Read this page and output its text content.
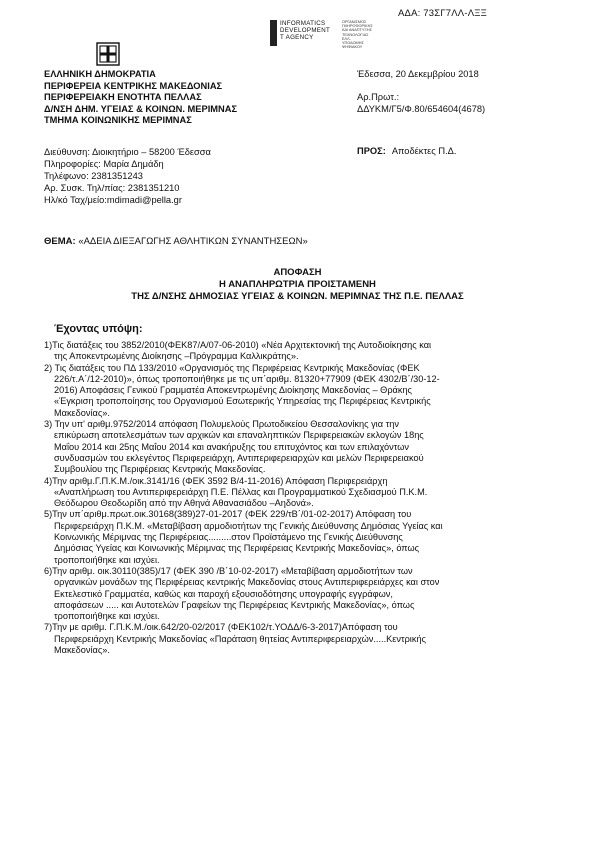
ΑΔΑ: 73ΣΓ7ΛΛ-ΛΞΞ
INFORMATICS
DEVELOPMENT
T AGENCY
ΟΡΓΑΝΙΣΜΟΣ
ΠΛΗΡΟΦΟΡΙΚΗΣ
ΚΑΙ ΑΝΑΠΤΥΞΗΣ
ΤΕΧΝΟΛΟΓΙΑΣ
ΕΛΛ.
ΥΠΟΔΟΜΗΣ
ΨΗΦΙΑΚΟΥ
ΕΛΛΗΝΙΚΗ ΔΗΜΟΚΡΑΤΙΑ
ΠΕΡΙΦΕΡΕΙΑ ΚΕΝΤΡΙΚΗΣ ΜΑΚΕΔΟΝΙΑΣ
ΠΕΡΙΦΕΡΕΙΑΚΗ ΕΝΟΤΗΤΑ ΠΕΛΛΑΣ
Δ/ΝΣΗ ΔΗΜ. ΥΓΕΙΑΣ & ΚΟΙΝΩΝ. ΜΕΡΙΜΝΑΣ
ΤΜΗΜΑ ΚΟΙΝΩΝΙΚΗΣ ΜΕΡΙΜΝΑΣ
Έδεσσα, 20 Δεκεμβρίου 2018
Αρ.Πρωτ.:
ΔΔΥΚΜ/Γ5/Φ.80/654604(4678)
Διεύθυνση: Διοικητήριο – 58200 Έδεσσα
Πληροφορίες: Μαρία Δημάδη
Τηλέφωνο: 2381351243
Αρ. Συσκ. Τηλ/πίας: 2381351210
Ηλ/κό Ταχ/μείο:mdimadi@pella.gr
ΠΡΟΣ: Αποδέκτες Π.Δ.
ΘΕΜΑ: «ΑΔΕΙΑ ΔΙΕΞΑΓΩΓΗΣ ΑΘΛΗΤΙΚΩΝ ΣΥΝΑΝΤΗΣΕΩΝ»
ΑΠΟΦΑΣΗ
Η ΑΝΑΠΛΗΡΩΤΡΙΑ ΠΡΟΙΣΤΑΜΕΝΗ
ΤΗΣ Δ/ΝΣΗΣ ΔΗΜΟΣΙΑΣ ΥΓΕΙΑΣ & ΚΟΙΝΩΝ. ΜΕΡΙΜΝΑΣ ΤΗΣ Π.Ε. ΠΕΛΛΑΣ
Έχοντας υπόψη:
1)Τις διατάξεις του 3852/2010(ΦΕΚ87/Α/07-06-2010) «Νέα Αρχιτεκτονική της Αυτοδιοίκησης και
της Αποκεντρωμένης Διοίκησης –Πρόγραμμα Καλλικράτης».
2) Τις διατάξεις του ΠΔ 133/2010 «Οργανισμός της Περιφέρειας Κεντρικής Μακεδονίας (ΦΕΚ
226/τ.Α΄/12-2010)», όπως τροποποιήθηκε με τις υπ΄αριθμ. 81320+77909 (ΦΕΚ 4302/Β΄/30-12-
2016) Αποφάσεις Γενικού Γραμματέα Αποκεντρωμένης Διοίκησης Μακεδονίας – Θράκης
«Έγκριση τροποποίησης του Οργανισμού Εσωτερικής Υπηρεσίας της Περιφέρειας Κεντρικής
Μακεδονίας».
3) Την υπ' αριθμ.9752/2014 απόφαση Πολυμελούς Πρωτοδικείου Θεσσαλονίκης για την
επικύρωση αποτελεσμάτων των αρχικών και επαναληπτικών Περιφερειακών εκλογών 18ης
Μαΐου 2014 και 25ης Μαΐου 2014 και ανακήρυξης του επιτυχόντος και των επιλαχόντων
συνδυασμών του εκλεγέντος Περιφερειάρχη, Αντιπεριφερειαρχών και μελών Περιφερειακού
Συμβουλίου της Περιφέρειας Κεντρικής Μακεδονίας.
4)Την αριθμ.Γ.Π.Κ.Μ./οικ.3141/16 (ΦΕΚ 3592 Β/4-11-2016) Απόφαση Περιφερειάρχη
«Αναπλήρωση του Αντιπεριφερειάρχη Π.Ε. Πέλλας και Προγραμματικού Σχεδιασμού Π.Κ.Μ.
Θεόδωρου Θεοδωρίδη από την Αθηνά Αθανασιάδου –Αηδονά».
5)Την υπ΄αριθμ.πρωτ.οικ.30168(389)27-01-2017 (ΦΕΚ 229/τΒ΄/01-02-2017) Απόφαση του
Περιφερειάρχη Π.Κ.Μ. «Μεταβίβαση αρμοδιοτήτων της Γενικής Διεύθυνσης Δημόσιας Υγείας και
Κοινωνικής Μέριμνας της Περιφέρειας.........στον Προϊστάμενο της Γενικής Διεύθυνσης
Δημόσιας Υγείας και Κοινωνικής Μέριμνας της Περιφέρειας Κεντρικής Μακεδονίας», όπως
τροποποιήθηκε και ισχύει.
6)Την αριθμ. οικ.30110(385)/17 (ΦΕΚ 390 /Β΄10-02-2017) «Μεταβίβαση αρμοδιοτήτων των
οργανικών μονάδων της Περιφέρειας κεντρικής Μακεδονίας στους Αντιπεριφερειάρχες και στον
Εκτελεστικό Γραμματέα, καθώς και παροχή εξουσιοδότησης υπογραφής εγγράφων,
αποφάσεων ..... και Αυτοτελών Γραφείων της Περιφέρειας Κεντρικής Μακεδονίας», όπως
τροποποιήθηκε και ισχύει.
7)Την με αριθμ. Γ.Π.Κ.Μ./οικ.642/20-02/2017 (ΦΕΚ102/τ.ΥΟΔΔ/6-3-2017)Απόφαση του
Περιφερειάρχη Κεντρικής Μακεδονίας «Παράταση θητείας Αντιπεριφερειαρχών.....Κεντρικής
Μακεδονίας».
